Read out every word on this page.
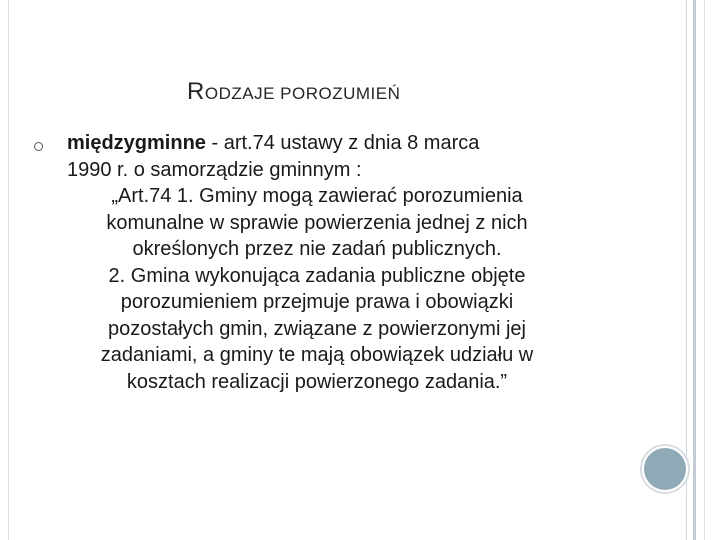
RODZAJE POROZUMIEŃ

międzygminne - art.74 ustawy z dnia 8 marca

1990 r. o samorządzie gminnym :

„Art.74 1. Gminy mogą zawierać porozumienia

komunalne w sprawie powierzenia jednej z nich

określonych przez nie zadań publicznych.

2. Gmina wykonująca zadania publiczne objęte

porozumieniem przejmuje prawa i obowiązki

pozostałych gmin, związane z powierzonymi jej

zadaniami, a gminy te mają obowiązek udziału w

kosztach realizacji powierzonego zadania.”
